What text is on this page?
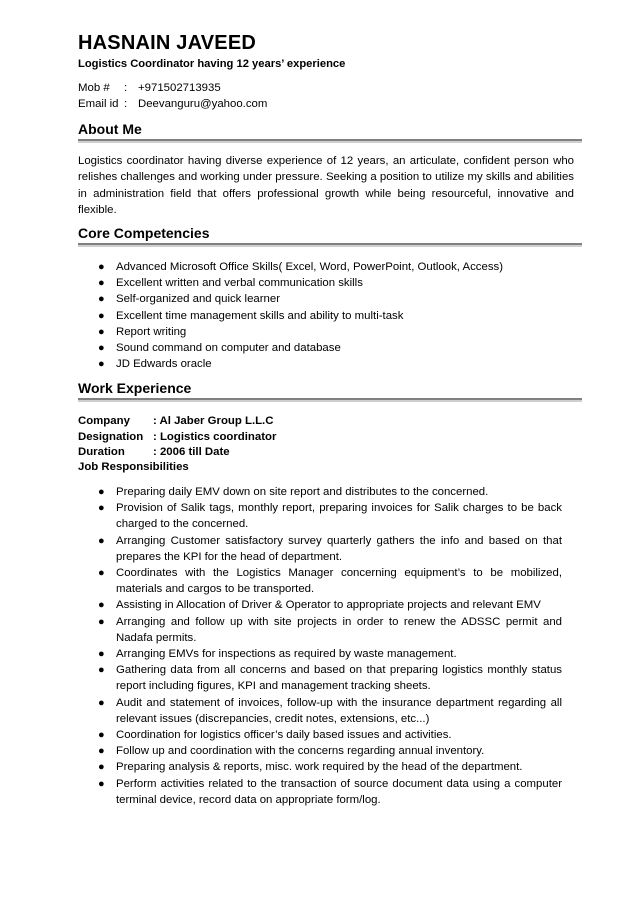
HASNAIN JAVEED
Logistics Coordinator having 12 years’ experience
Mob # : +971502713935
Email id : Deevanguru@yahoo.com
About Me

Logistics coordinator having diverse experience of 12 years, an articulate, confident person who relishes challenges and working under pressure. Seeking a position to utilize my skills and abilities in administration field that offers professional growth while being resourceful, innovative and flexible.

Core Competencies
● Advanced Microsoft Office Skills( Excel, Word, PowerPoint, Outlook, Access)
● Excellent written and verbal communication skills
● Self-organized and quick learner
● Excellent time management skills and ability to multi-task
● Report writing
● Sound command on computer and database
● JD Edwards oracle
Work Experience
Company : Al Jaber Group L.L.C
Designation : Logistics coordinator
Duration : 2006 till Date
Job Responsibilities
● Preparing daily EMV down on site report and distributes to the concerned.
● Provision of Salik tags, monthly report, preparing invoices for Salik charges to be back charged to the concerned.
● Arranging Customer satisfactory survey quarterly gathers the info and based on that prepares the KPI for the head of department.
● Coordinates with the Logistics Manager concerning equipment’s to be mobilized, materials and cargos to be transported.
● Assisting in Allocation of Driver & Operator to appropriate projects and relevant EMV
● Arranging and follow up with site projects in order to renew the ADSSC permit and Nadafa permits.
● Arranging EMVs for inspections as required by waste management.
● Gathering data from all concerns and based on that preparing logistics monthly status report including figures, KPI and management tracking sheets.
● Audit and statement of invoices, follow-up with the insurance department regarding all relevant issues (discrepancies, credit notes, extensions, etc...)
● Coordination for logistics officer’s daily based issues and activities.
● Follow up and coordination with the concerns regarding annual inventory.
● Preparing analysis & reports, misc. work required by the head of the department.
● Perform activities related to the transaction of source document data using a computer terminal device, record data on appropriate form/log.
